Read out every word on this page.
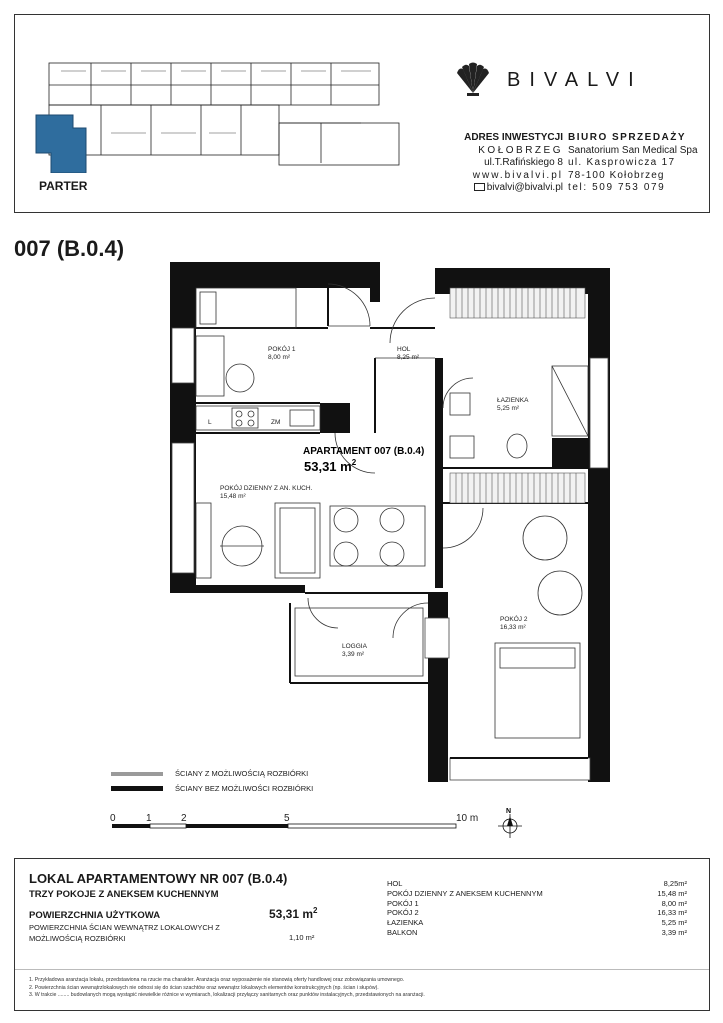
PARTER
BIVALVI
ADRES INWESTYCJI
KOŁOBRZEG
ul.T.Rafińskiego 8
www.bivalvi.pl
bivalvi@bivalvi.pl
BIURO SPRZEDAŻY
Sanatorium San Medical Spa
ul. Kasprowicza 17
78-100 Kołobrzeg
tel: 509 753 079
007 (B.0.4)
POKÓJ 1
8,00 m²
HOL
8,25 m²
ŁAZIENKA
5,25 m²
POKÓJ DZIENNY Z AN. KUCH.
15,48 m²
POKÓJ 2
16,33 m²
LOGGIA
3,39 m²
L	ZM
APARTAMENT 007 (B.0.4)
53,31 $m^2$
ŚCIANY Z MOŻLIWOŚCIĄ ROZBIÓRKI
ŚCIANY BEZ MOŻLIWOŚCI ROZBIÓRKI
0	1	2	5	10 m
N
LOKAL APARTAMENTOWY NR 007 (B.0.4)
TRZY POKOJE Z ANEKSEM KUCHENNYM
POWIERZCHNIA UŻYTKOWA	53,31 $m^2$
POWIERZCHNIA ŚCIAN WEWNĄTRZ LOKALOWYCH Z
MOŻLIWOŚCIĄ ROZBIÓRKI	1,10 m²
HOL	8,25m²
POKÓJ DZIENNY Z ANEKSEM KUCHENNYM	15,48 m²
POKÓJ 1	8,00 m²
POKÓJ 2	16,33 m²
ŁAZIENKA	5,25 m²
BALKON	3,39 m²
1. Przykładowa aranżacja lokalu, przedstawiona na rzucie ma charakter. Aranżacja oraz wyposażenie nie stanowią oferty handlowej oraz zobowiązania umownego.
2. Powierzchnia ścian wewnątrzlokalowych nie odnosi się do ścian szachtów oraz wewnątrz lokalowych elementów konstrukcyjnych (np. ścian i słupów).
3. W trakcie ........ budowlanych mogą wystąpić niewielkie różnice w wymiarach, lokalizacji przyłączy sanitarnych oraz punktów instalacyjnych, przedstawionych na aranżacji.
